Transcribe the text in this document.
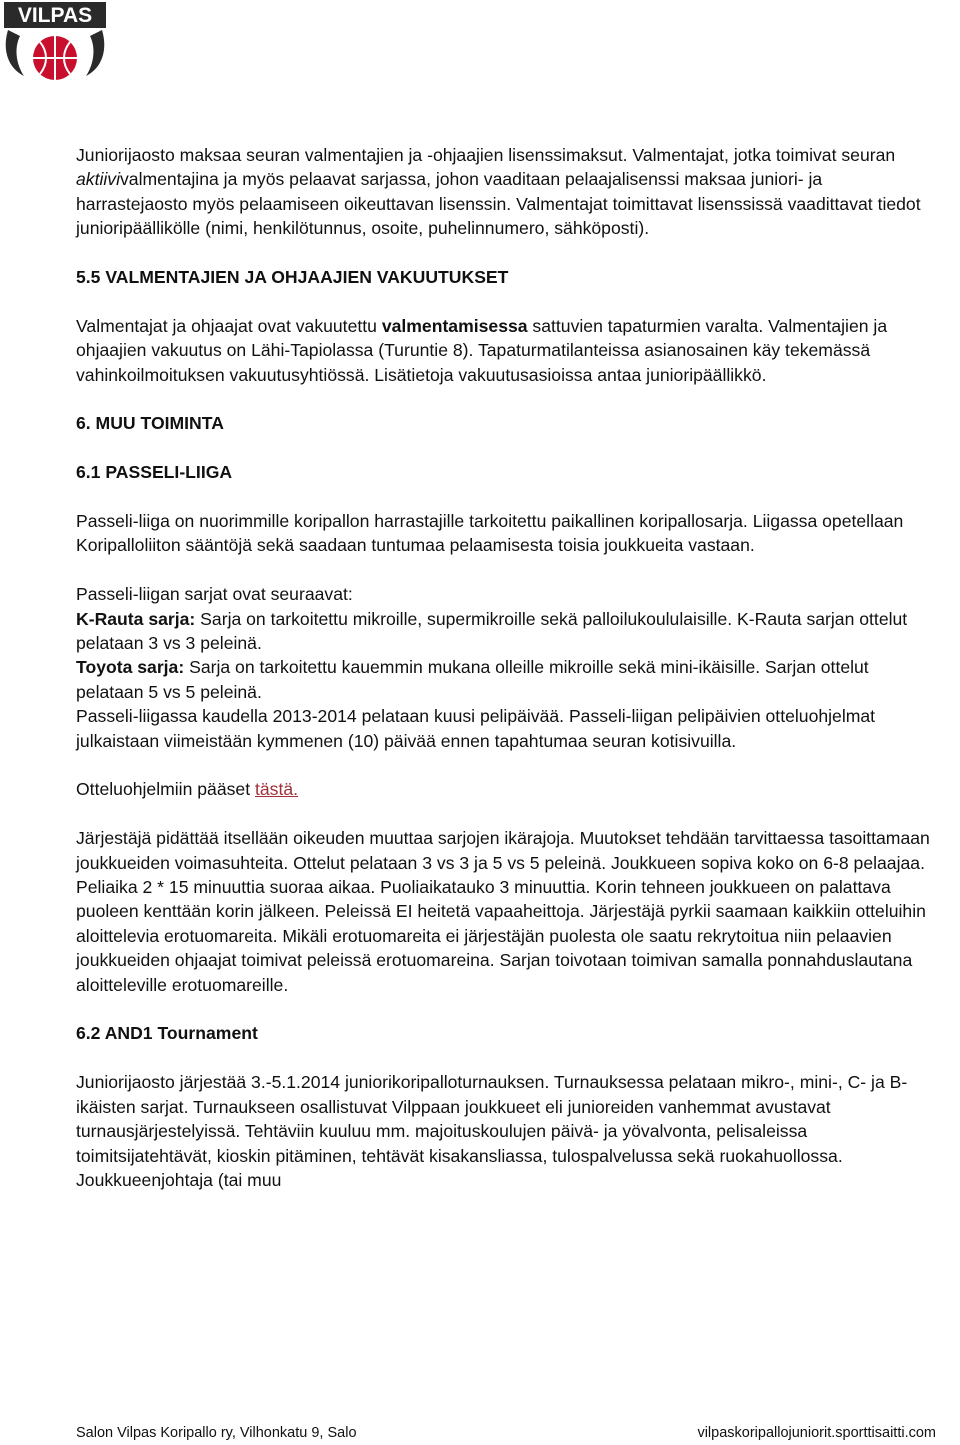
VILPAS

Juniorijaosto maksaa seuran valmentajien ja -ohjaajien lisenssimaksut. Valmentajat, jotka toimivat seuran aktiivivalmentajina ja myös pelaavat sarjassa, johon vaaditaan pelaajalisenssi maksaa juniori- ja harrastejaosto myös pelaamiseen oikeuttavan lisenssin. Valmentajat toimittavat lisenssissä vaadittavat tiedot junioripäällikölle (nimi, henkilötunnus, osoite, puhelinnumero, sähköposti).

5.5 VALMENTAJIEN JA OHJAAJIEN VAKUUTUKSET

Valmentajat ja ohjaajat ovat vakuutettu valmentamisessa sattuvien tapaturmien varalta. Valmentajien ja ohjaajien vakuutus on Lähi-Tapiolassa (Turuntie 8). Tapaturmatilanteissa asianosainen käy tekemässä vahinkoilmoituksen vakuutusyhtiössä. Lisätietoja vakuutusasioissa antaa junioripäällikkö.

6. MUU TOIMINTA

6.1 PASSELI-LIIGA

Passeli-liiga on nuorimmille koripallon harrastajille tarkoitettu paikallinen koripallosarja. Liigassa opetellaan Koripalloliiton sääntöjä sekä saadaan tuntumaa pelaamisesta toisia joukkueita vastaan.

Passeli-liigan sarjat ovat seuraavat:

K-Rauta sarja: Sarja on tarkoitettu mikroille, supermikroille sekä palloilukoululaisille. K-Rauta sarjan ottelut pelataan 3 vs 3 peleinä.

Toyota sarja: Sarja on tarkoitettu kauemmin mukana olleille mikroille sekä mini-ikäisille. Sarjan ottelut pelataan 5 vs 5 peleinä.

Passeli-liigassa kaudella 2013-2014 pelataan kuusi pelipäivää. Passeli-liigan pelipäivien otteluohjelmat julkaistaan viimeistään kymmenen (10) päivää ennen tapahtumaa seuran kotisivuilla.

Otteluohjelmiin pääset tästä.

Järjestäjä pidättää itsellään oikeuden muuttaa sarjojen ikärajoja. Muutokset tehdään tarvittaessa tasoittamaan joukkueiden voimasuhteita. Ottelut pelataan 3 vs 3 ja 5 vs 5 peleinä. Joukkueen sopiva koko on 6-8 pelaajaa. Peliaika 2 * 15 minuuttia suoraa aikaa. Puoliaikatauko 3 minuuttia. Korin tehneen joukkueen on palattava puoleen kenttään korin jälkeen. Peleissä EI heitetä vapaaheittoja. Järjestäjä pyrkii saamaan kaikkiin otteluihin aloittelevia erotuomareita. Mikäli erotuomareita ei järjestäjän puolesta ole saatu rekrytoitua niin pelaavien joukkueiden ohjaajat toimivat peleissä erotuomareina. Sarjan toivotaan toimivan samalla ponnahduslautana aloitteleville erotuomareille.

6.2 AND1 Tournament

Juniorijaosto järjestää 3.-5.1.2014 juniorikoripalloturnauksen. Turnauksessa pelataan mikro-, mini-, C- ja B-ikäisten sarjat. Turnaukseen osallistuvat Vilppaan joukkueet eli junioreiden vanhemmat avustavat turnausjärjestelyissä. Tehtäviin kuuluu mm. majoituskoulujen päivä- ja yövalvonta, pelisaleissa toimitsijatehtävät, kioskin pitäminen, tehtävät kisakansliassa, tulospalvelussa sekä ruokahuollossa. Joukkueenjohtaja (tai muu

Salon Vilpas Koripallo ry, Vilhonkatu 9, Salo	vilpaskoripallojuniorit.sporttisaitti.com
